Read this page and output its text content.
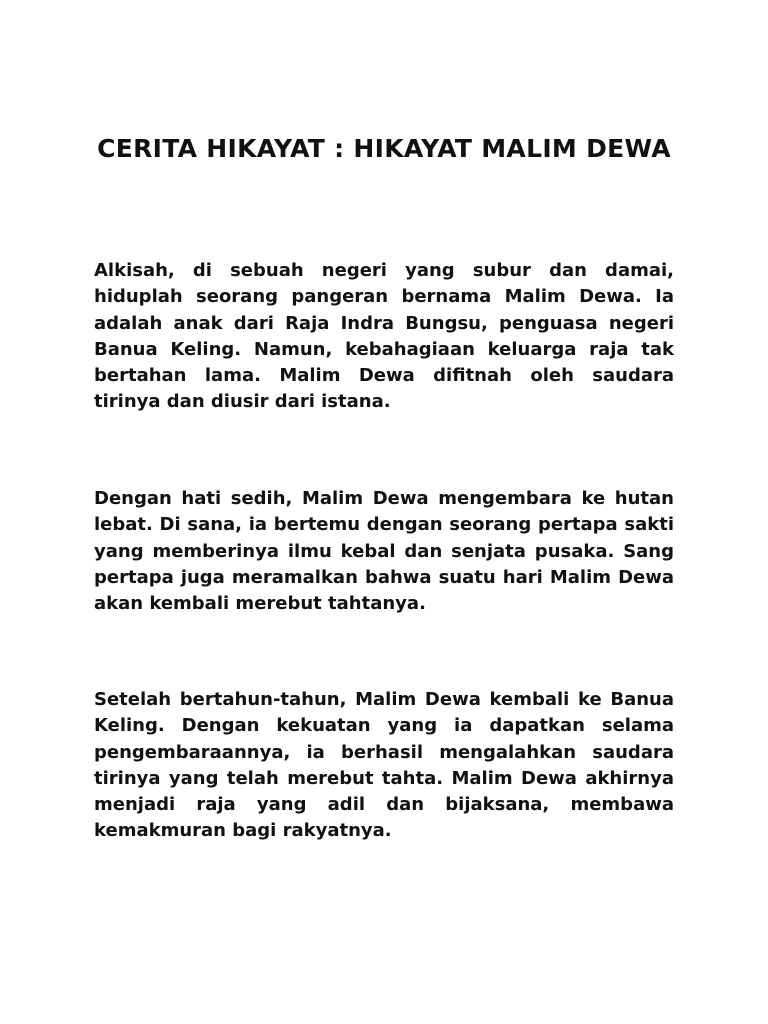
CERITA HIKAYAT : HIKAYAT MALIM DEWA

Alkisah, di sebuah negeri yang subur dan damai, hiduplah seorang pangeran bernama Malim Dewa. Ia adalah anak dari Raja Indra Bungsu, penguasa negeri Banua Keling. Namun, kebahagiaan keluarga raja tak bertahan lama. Malim Dewa difitnah oleh saudara tirinya dan diusir dari istana.

Dengan hati sedih, Malim Dewa mengembara ke hutan lebat. Di sana, ia bertemu dengan seorang pertapa sakti yang memberinya ilmu kebal dan senjata pusaka. Sang pertapa juga meramalkan bahwa suatu hari Malim Dewa akan kembali merebut tahtanya.

Setelah bertahun-tahun, Malim Dewa kembali ke Banua Keling. Dengan kekuatan yang ia dapatkan selama pengembaraannya, ia berhasil mengalahkan saudara tirinya yang telah merebut tahta. Malim Dewa akhirnya menjadi raja yang adil dan bijaksana, membawa kemakmuran bagi rakyatnya.
